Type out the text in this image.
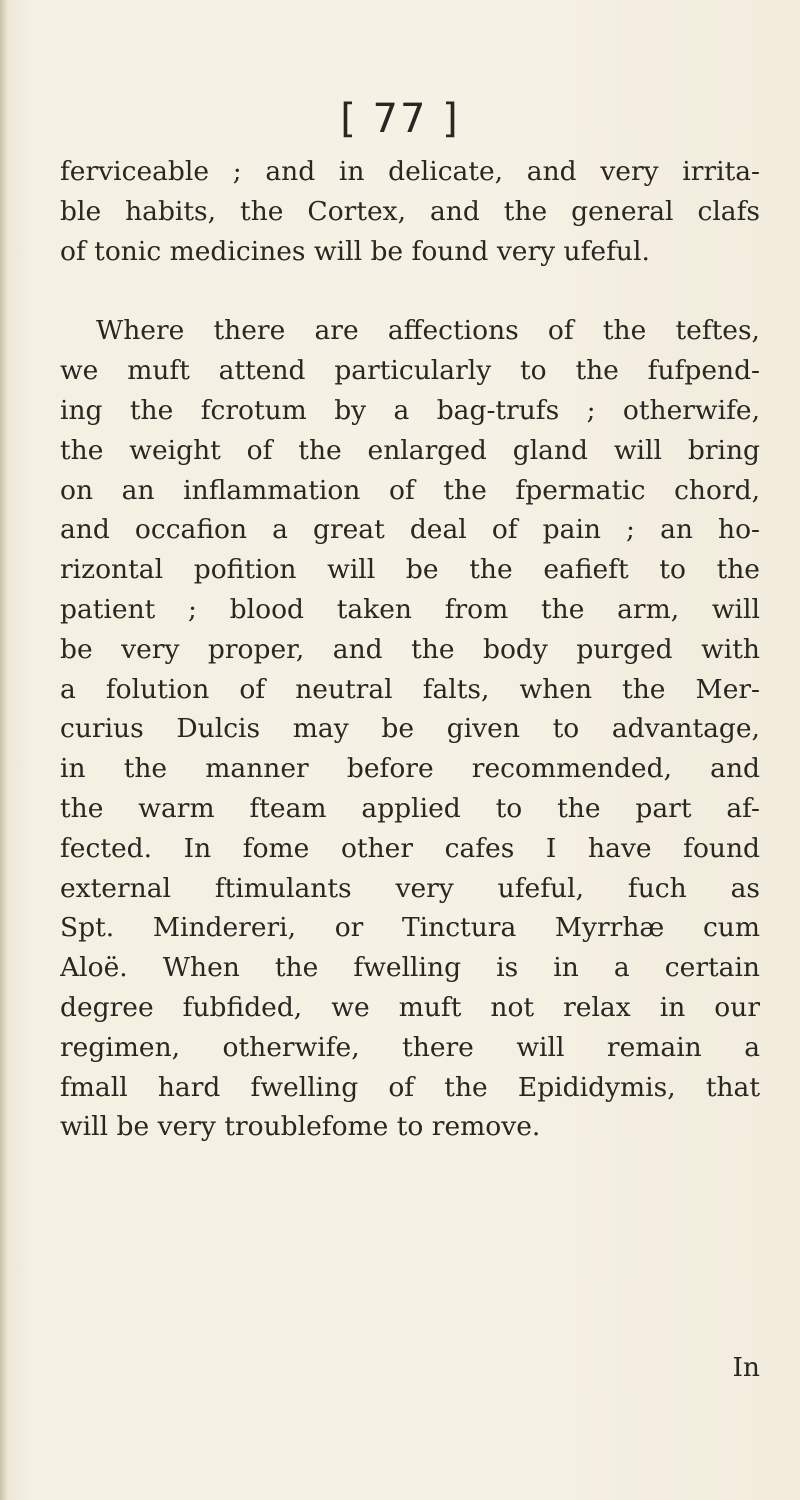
[ 77 ]
ferviceable ; and in delicate, and very irrita-
ble habits, the Cortex, and the general clafs
of tonic medicines will be found very ufeful.
Where there are affections of the teftes,
we muft attend particularly to the fufpend-
ing the fcrotum by a bag-trufs ; otherwife,
the weight of the enlarged gland will bring
on an inflammation of the fpermatic chord,
and occafion a great deal of pain ; an ho-
rizontal pofition will be the eafieft to the
patient ; blood taken from the arm, will
be very proper, and the body purged with
a folution of neutral falts, when the Mer-
curius Dulcis may be given to advantage,
in the manner before recommended, and
the warm fteam applied to the part af-
fected. In fome other cafes I have found
external ftimulants very ufeful, fuch as
Spt. Mindereri, or Tinctura Myrrhæ cum
Aloë. When the fwelling is in a certain
degree fubfided, we muft not relax in our
regimen, otherwife, there will remain a
fmall hard fwelling of the Epididymis, that
will be very troublefome to remove.
In
